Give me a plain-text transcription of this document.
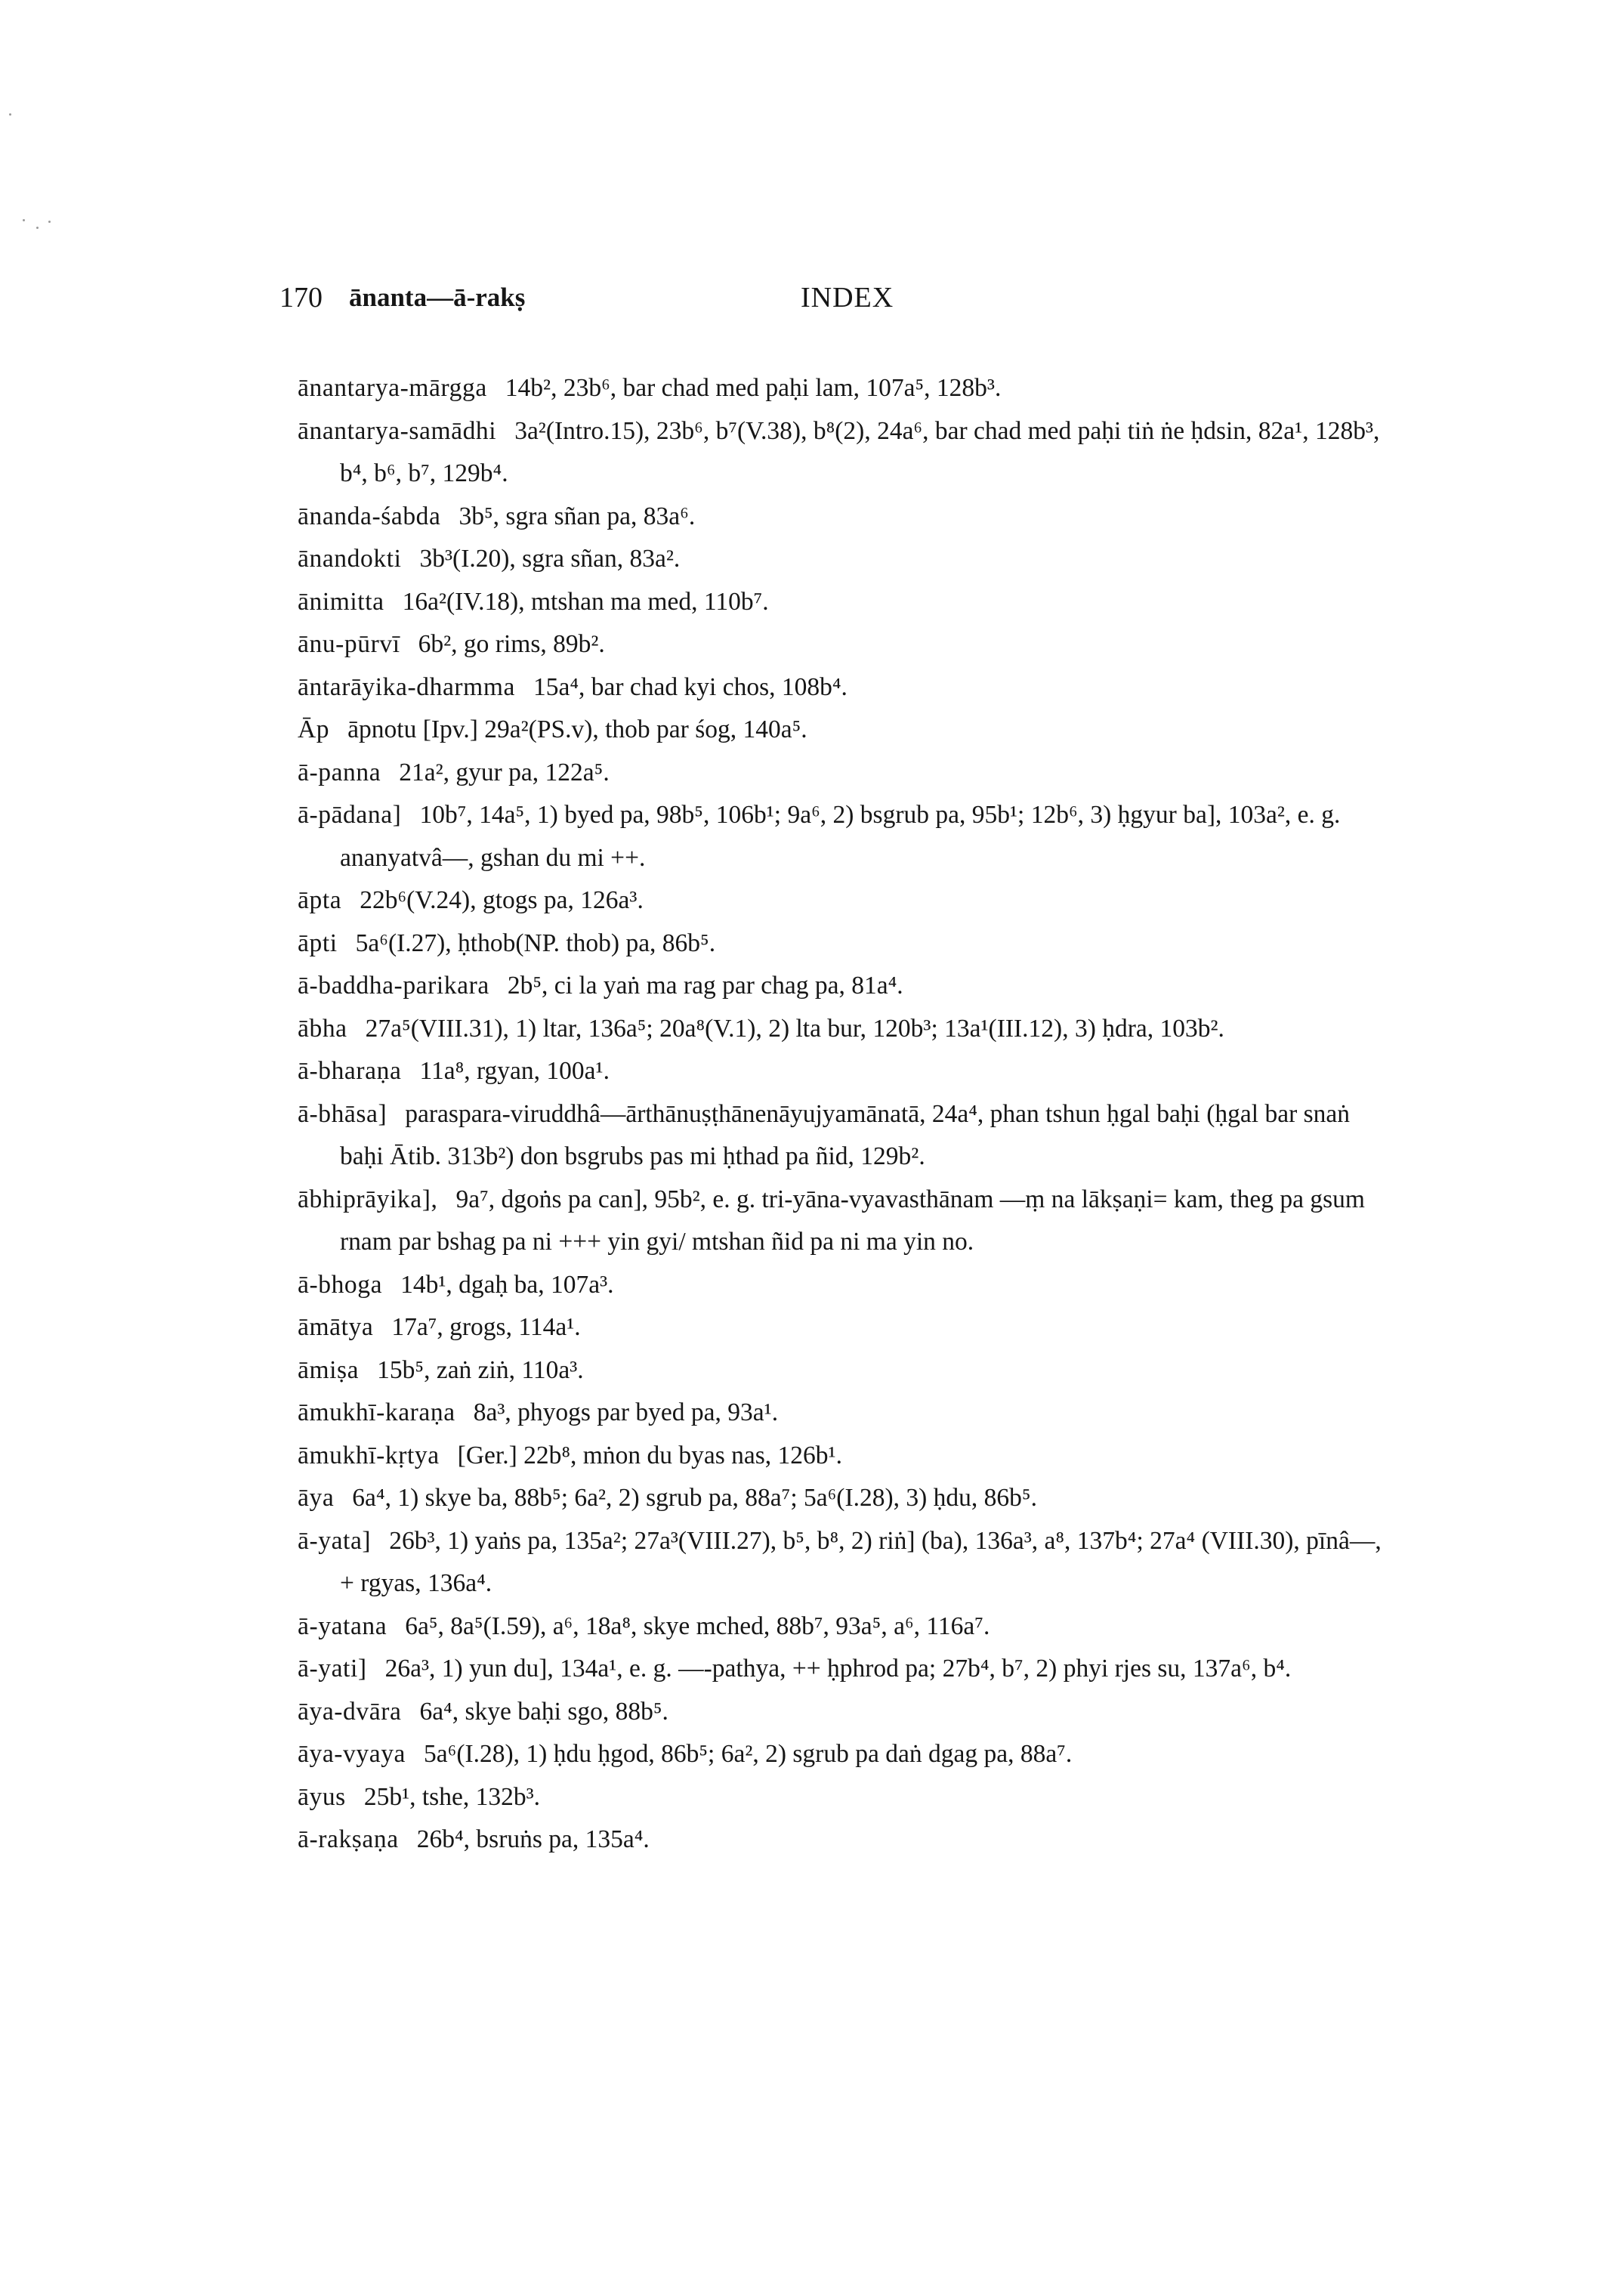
170 ānanta—ā-rakṣ	INDEX
ānantarya-mārgga 14b², 23b⁶, bar chad med paḥi lam, 107a⁵, 128b³.
ānantarya-samādhi 3a²(Intro.15), 23b⁶, b⁷(V.38), b⁸(2), 24a⁶, bar chad med paḥi tiṅ ṅe ḥdsin, 82a¹, 128b³, b⁴, b⁶, b⁷, 129b⁴.
ānanda-śabda 3b⁵, sgra sñan pa, 83a⁶.
ānandokti 3b³(I.20), sgra sñan, 83a².
ānimitta 16a²(IV.18), mtshan ma med, 110b⁷.
ānu-pūrvī 6b², go rims, 89b².
āntarāyika-dharmma 15a⁴, bar chad kyi chos, 108b⁴.
Āp āpnotu [Ipv.] 29a²(PS.v), thob par śog, 140a⁵.
ā-panna 21a², gyur pa, 122a⁵.
ā-pādana] 10b⁷, 14a⁵, 1) byed pa, 98b⁵, 106b¹; 9a⁶, 2) bsgrub pa, 95b¹; 12b⁶, 3) ḥgyur ba], 103a², e. g. ananyatvâ—, gshan du mi ++.
āpta 22b⁶(V.24), gtogs pa, 126a³.
āpti 5a⁶(I.27), ḥthob(NP. thob) pa, 86b⁵.
ā-baddha-parikara 2b⁵, ci la yaṅ ma rag par chag pa, 81a⁴.
ābha 27a⁵(VIII.31), 1) ltar, 136a⁵; 20a⁸(V.1), 2) lta bur, 120b³; 13a¹(III.12), 3) ḥdra, 103b².
ā-bharaṇa 11a⁸, rgyan, 100a¹.
ā-bhāsa] paraspara-viruddhâ—ārthānuṣṭhānenāyujyamānatā, 24a⁴, phan tshun ḥgal baḥi (ḥgal bar snaṅ baḥi Ātib. 313b²) don bsgrubs pas mi ḥthad pa ñid, 129b².
ābhiprāyika], 9a⁷, dgoṅs pa can], 95b², e. g. tri-yāna-vyavasthānam —ṃ na lākṣaṇi= kam, theg pa gsum rnam par bshag pa ni +++ yin gyi/ mtshan ñid pa ni ma yin no.
ā-bhoga 14b¹, dgaḥ ba, 107a³.
āmātya 17a⁷, grogs, 114a¹.
āmiṣa 15b⁵, zaṅ ziṅ, 110a³.
āmukhī-karaṇa 8a³, phyogs par byed pa, 93a¹.
āmukhī-kṛtya [Ger.] 22b⁸, mṅon du byas nas, 126b¹.
āya 6a⁴, 1) skye ba, 88b⁵; 6a², 2) sgrub pa, 88a⁷; 5a⁶(I.28), 3) ḥdu, 86b⁵.
ā-yata] 26b³, 1) yaṅs pa, 135a²; 27a³(VIII.27), b⁵, b⁸, 2) riṅ] (ba), 136a³, a⁸, 137b⁴; 27a⁴ (VIII.30), pīnâ—, + rgyas, 136a⁴.
ā-yatana 6a⁵, 8a⁵(I.59), a⁶, 18a⁸, skye mched, 88b⁷, 93a⁵, a⁶, 116a⁷.
ā-yati] 26a³, 1) yun du], 134a¹, e. g. —-pathya, ++ ḥphrod pa; 27b⁴, b⁷, 2) phyi rjes su, 137a⁶, b⁴.
āya-dvāra 6a⁴, skye baḥi sgo, 88b⁵.
āya-vyaya 5a⁶(I.28), 1) ḥdu ḥgod, 86b⁵; 6a², 2) sgrub pa daṅ dgag pa, 88a⁷.
āyus 25b¹, tshe, 132b³.
ā-rakṣaṇa 26b⁴, bsruṅs pa, 135a⁴.
